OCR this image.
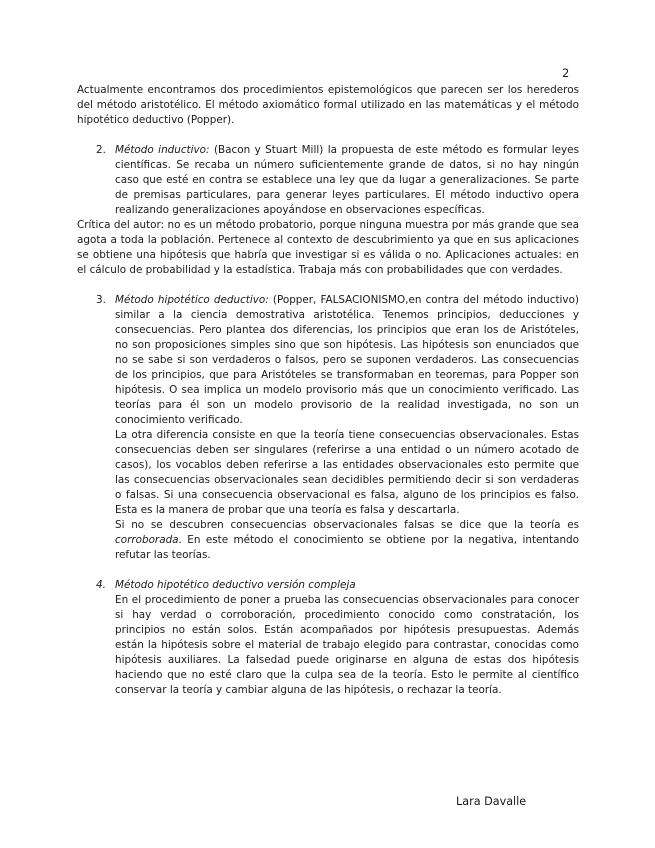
2

Actualmente encontramos dos procedimientos epistemológicos que parecen ser los herederos del método aristotélico. El método axiomático formal utilizado en las matemáticas y el método hipotético deductivo (Popper).

2. Método inductivo: (Bacon y Stuart Mill) la propuesta de este método es formular leyes científicas. Se recaba un número suficientemente grande de datos, si no hay ningún caso que esté en contra se establece una ley que da lugar a generalizaciones. Se parte de premisas particulares, para generar leyes particulares. El método inductivo opera realizando generalizaciones apoyándose en observaciones específicas.

Crítica del autor: no es un método probatorio, porque ninguna muestra por más grande que sea agota a toda la población. Pertenece al contexto de descubrimiento ya que en sus aplicaciones se obtiene una hipótesis que habría que investigar si es válida o no. Aplicaciones actuales: en el cálculo de probabilidad y la estadística. Trabaja más con probabilidades que con verdades.

3. Método hipotético deductivo: (Popper, FALSACIONISMO,en contra del método inductivo) similar a la ciencia demostrativa aristotélica. Tenemos principios, deducciones y consecuencias. Pero plantea dos diferencias, los principios que eran los de Aristóteles, no son proposiciones simples sino que son hipótesis. Las hipótesis son enunciados que no se sabe si son verdaderos o falsos, pero se suponen verdaderos. Las consecuencias de los principios, que para Aristóteles se transformaban en teoremas, para Popper son hipótesis. O sea implica un modelo provisorio más que un conocimiento verificado. Las teorías para él son un modelo provisorio de la realidad investigada, no son un conocimiento verificado.

La otra diferencia consiste en que la teoría tiene consecuencias observacionales. Estas consecuencias deben ser singulares (referirse a una entidad o un número acotado de casos), los vocablos deben referirse a las entidades observacionales esto permite que las consecuencias observacionales sean decidibles permitiendo decir si son verdaderas o falsas. Si una consecuencia observacional es falsa, alguno de los principios es falso. Esta es la manera de probar que una teoría es falsa y descartarla.

Si no se descubren consecuencias observacionales falsas se dice que la teoría es corroborada. En este método el conocimiento se obtiene por la negativa, intentando refutar las teorías.

4. Método hipotético deductivo versión compleja

En el procedimiento de poner a prueba las consecuencias observacionales para conocer si hay verdad o corroboración, procedimiento conocido como constratación, los principios no están solos. Están acompañados por hipótesis presupuestas. Además están la hipótesis sobre el material de trabajo elegido para contrastar, conocidas como hipótesis auxiliares. La falsedad puede originarse en alguna de estas dos hipótesis haciendo que no esté claro que la culpa sea de la teoría. Esto le permite al científico conservar la teoría y cambiar alguna de las hipótesis, o rechazar la teoría.

Lara Davalle
